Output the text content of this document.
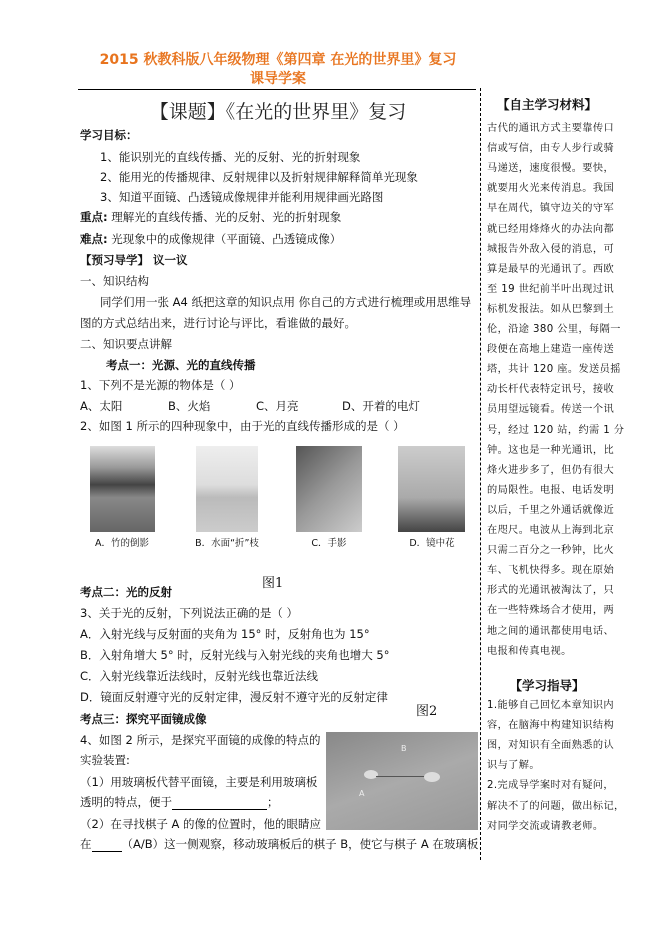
2015 秋教科版八年级物理《第四章 在光的世界里》复习
课导学案
【课题】《在光的世界里》复习
学习目标：
1、能识别光的直线传播、光的反射、光的折射现象
2、能用光的传播规律、反射规律以及折射规律解释简单光现象
3、知道平面镜、凸透镜成像规律并能利用规律画光路图
重点: 理解光的直线传播、光的反射、光的折射现象
难点: 光现象中的成像规律（平面镜、凸透镜成像）
【预习导学】 议一议
一、知识结构
同学们用一张 A4 纸把这章的知识点用 你自己的方式进行梳理或用思维导
图的方式总结出来，进行讨论与评比，看谁做的最好。
二、知识要点讲解
考点一：光源、光的直线传播
1、下列不是光源的物体是（ ）
A、太阳	B、火焰	C、月亮	D、开着的电灯
2、如图 1 所示的四种现象中，由于光的直线传播形成的是（ ）
A．竹的倒影	B．水面“折”枝	C．手影	D．镜中花
图1
考点二：光的反射
3、关于光的反射，下列说法正确的是（ ）
A．入射光线与反射面的夹角为 15° 时，反射角也为 15°
B．入射角增大 5° 时，反射光线与入射光线的夹角也增大 5°
C．入射光线靠近法线时，反射光线也靠近法线
D．镜面反射遵守光的反射定律，漫反射不遵守光的反射定律
图2
考点三：探究平面镜成像
4、如图 2 所示，是探究平面镜的成像的特点的
实验装置:
（1）用玻璃板代替平面镜，主要是利用玻璃板
透明的特点，便于	；
（2）在寻找棋子 A 的像的位置时，他的眼睛应
在	（A/B）这一侧观察，移动玻璃板后的棋子 B，使它与棋子 A 在玻璃板
A
B
【自主学习材料】
古代的通讯方式主要靠传口
信或写信，由专人步行或骑
马递送，速度很慢。要快，
就要用火光来传消息。我国
早在周代，镇守边关的守军
就已经用烽烽火的办法向都
城报告外敌入侵的消息，可
算是最早的光通讯了。西欧
至 19 世纪前半叶出现过讯
标机发报法。如从巴黎到土
伦，沿途 380 公里，每隔一
段便在高地上建造一座传送
塔，共计 120 座。发送员摇
动长杆代表特定讯号，接收
员用望远镜看。传送一个讯
号，经过 120 站，约需 1 分
钟。这也是一种光通讯，比
烽火进步多了，但仍有很大
的局限性。电报、电话发明
以后，千里之外通话就像近
在咫尺。电波从上海到北京
只需二百分之一秒钟，比火
车、飞机快得多。现在原始
形式的光通讯被淘汰了，只
在一些特殊场合才使用，两
地之间的通讯都使用电话、
电报和传真电视。
【学习指导】
1.能够自己回忆本章知识内
容，在脑海中构建知识结构
图，对知识有全面熟悉的认
识与了解。
2.完成导学案时对有疑问，
解决不了的问题，做出标记，
对同学交流或请教老师。
